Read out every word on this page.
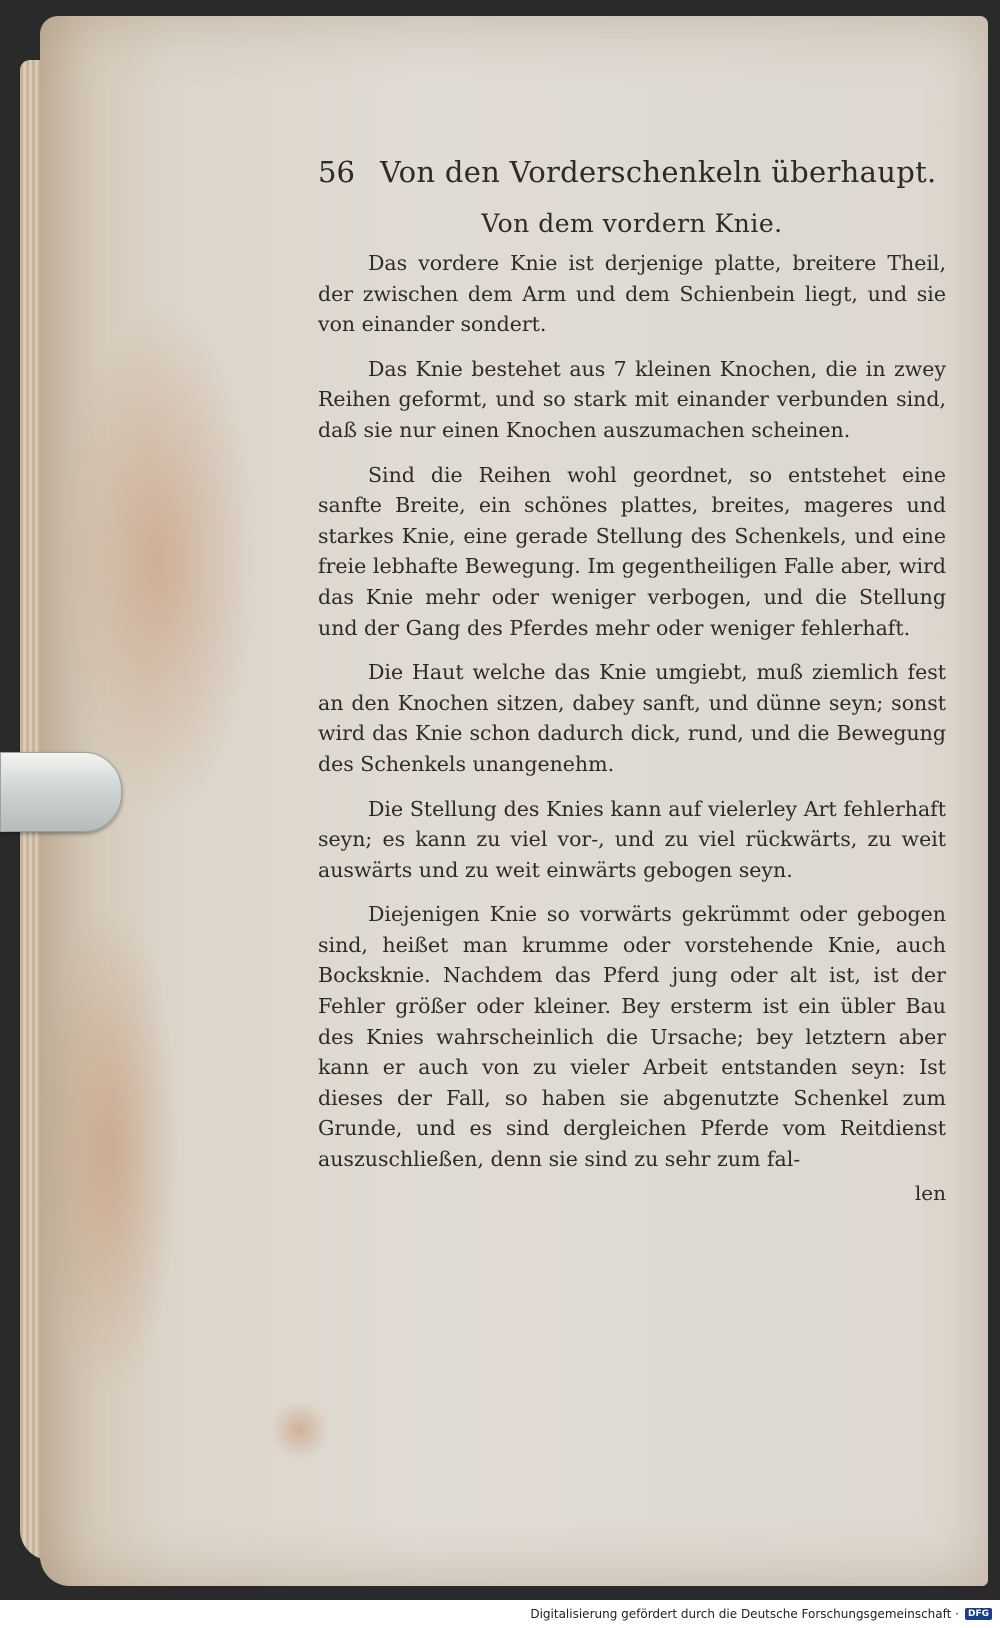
56 Von den Vorderschenkeln überhaupt.
Von dem vordern Knie.

Das vordere Knie ist derjenige platte, breitere Theil, der zwischen dem Arm und dem Schienbein liegt, und sie von einander sondert.

Das Knie bestehet aus 7 kleinen Knochen, die in zwey Reihen geformt, und so stark mit einander verbunden sind, daß sie nur einen Knochen auszumachen scheinen.

Sind die Reihen wohl geordnet, so entstehet eine sanfte Breite, ein schönes plattes, breites, mageres und starkes Knie, eine gerade Stellung des Schenkels, und eine freie lebhafte Bewegung. Im gegentheiligen Falle aber, wird das Knie mehr oder weniger verbogen, und die Stellung und der Gang des Pferdes mehr oder weniger fehlerhaft.

Die Haut welche das Knie umgiebt, muß ziemlich fest an den Knochen sitzen, dabey sanft, und dünne seyn; sonst wird das Knie schon dadurch dick, rund, und die Bewegung des Schenkels unangenehm.

Die Stellung des Knies kann auf vielerley Art fehlerhaft seyn; es kann zu viel vor-, und zu viel rückwärts, zu weit auswärts und zu weit einwärts gebogen seyn.

Diejenigen Knie so vorwärts gekrümmt oder gebogen sind, heißet man krumme oder vorstehende Knie, auch Bocksknie. Nachdem das Pferd jung oder alt ist, ist der Fehler größer oder kleiner. Bey ersterm ist ein übler Bau des Knies wahrscheinlich die Ursache; bey letztern aber kann er auch von zu vieler Arbeit entstanden seyn: Ist dieses der Fall, so haben sie abgenutzte Schenkel zum Grunde, und es sind dergleichen Pferde vom Reitdienst auszuschließen, denn sie sind zu sehr zum fal-

len
Digitalisierung gefördert durch die Deutsche Forschungsgemeinschaft ·	DFG
